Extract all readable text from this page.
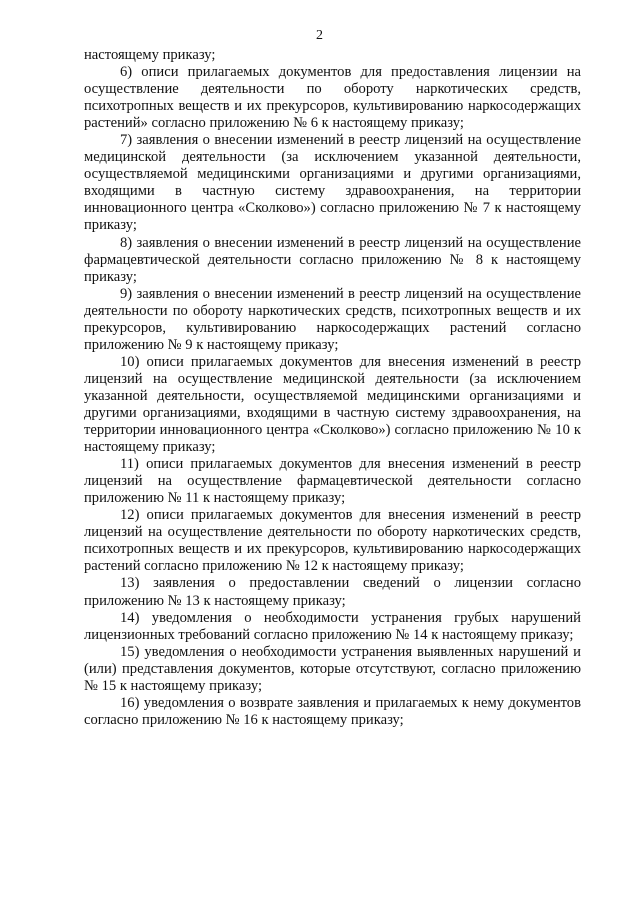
2

настоящему приказу;

6) описи прилагаемых документов для предоставления лицензии на осуществление деятельности по обороту наркотических средств, психотропных веществ и их прекурсоров, культивированию наркосодержащих растений» согласно приложению № 6 к настоящему приказу;

7) заявления о внесении изменений в реестр лицензий на осуществление медицинской деятельности (за исключением указанной деятельности, осуществляемой медицинскими организациями и другими организациями, входящими в частную систему здравоохранения, на территории инновационного центра «Сколково») согласно приложению № 7 к настоящему приказу;

8) заявления о внесении изменений в реестр лицензий на осуществление фармацевтической деятельности согласно приложению № 8 к настоящему приказу;

9) заявления о внесении изменений в реестр лицензий на осуществление деятельности по обороту наркотических средств, психотропных веществ и их прекурсоров, культивированию наркосодержащих растений согласно приложению № 9 к настоящему приказу;

10) описи прилагаемых документов для внесения изменений в реестр лицензий на осуществление медицинской деятельности (за исключением указанной деятельности, осуществляемой медицинскими организациями и другими организациями, входящими в частную систему здравоохранения, на территории инновационного центра «Сколково») согласно приложению № 10 к настоящему приказу;

11) описи прилагаемых документов для внесения изменений в реестр лицензий на осуществление фармацевтической деятельности согласно приложению № 11 к настоящему приказу;

12) описи прилагаемых документов для внесения изменений в реестр лицензий на осуществление деятельности по обороту наркотических средств, психотропных веществ и их прекурсоров, культивированию наркосодержащих растений согласно приложению № 12 к настоящему приказу;

13) заявления о предоставлении сведений о лицензии согласно приложению № 13 к настоящему приказу;

14) уведомления о необходимости устранения грубых нарушений лицензионных требований согласно приложению № 14 к настоящему приказу;

15) уведомления о необходимости устранения выявленных нарушений и (или) представления документов, которые отсутствуют, согласно приложению № 15 к настоящему приказу;

16) уведомления о возврате заявления и прилагаемых к нему документов согласно приложению № 16 к настоящему приказу;
